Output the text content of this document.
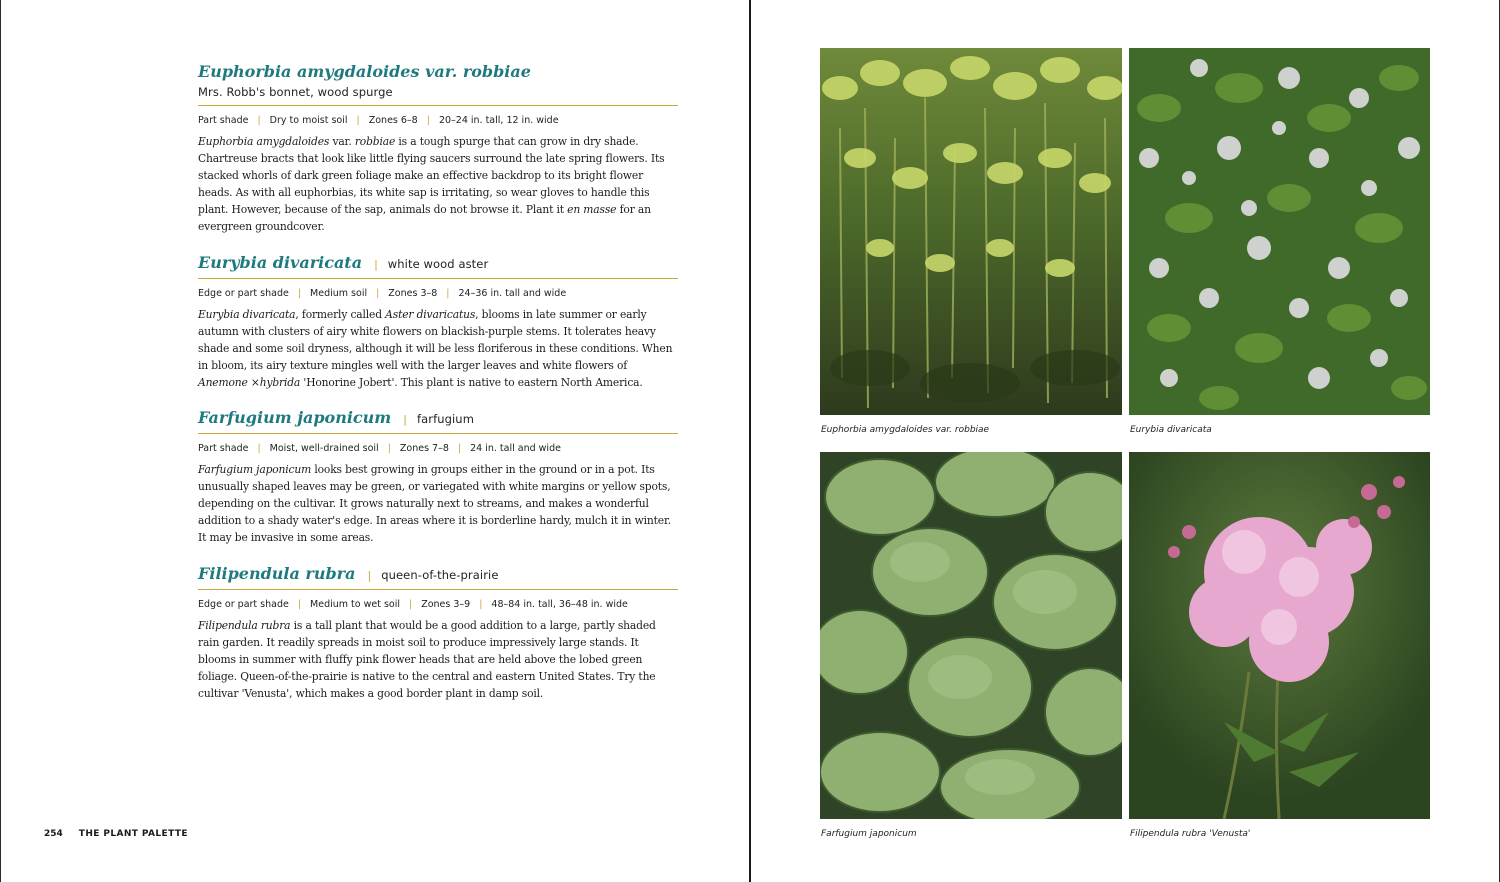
Euphorbia amygdaloides var. robbiae
Mrs. Robb's bonnet, wood spurge
Part shade | Dry to moist soil | Zones 6–8 | 20–24 in. tall, 12 in. wide

Euphorbia amygdaloides var. robbiae is a tough spurge that can grow in dry shade. Chartreuse bracts that look like little flying saucers surround the late spring flowers. Its stacked whorls of dark green foliage make an effective backdrop to its bright flower heads. As with all euphorbias, its white sap is irritating, so wear gloves to handle this plant. However, because of the sap, animals do not browse it. Plant it en masse for an evergreen groundcover.

Eurybia divaricata | white wood aster
Edge or part shade | Medium soil | Zones 3–8 | 24–36 in. tall and wide

Eurybia divaricata, formerly called Aster divaricatus, blooms in late summer or early autumn with clusters of airy white flowers on blackish-purple stems. It tolerates heavy shade and some soil dryness, although it will be less floriferous in these conditions. When in bloom, its airy texture mingles well with the larger leaves and white flowers of Anemone ×hybrida 'Honorine Jobert'. This plant is native to eastern North America.

Farfugium japonicum | farfugium
Part shade | Moist, well-drained soil | Zones 7–8 | 24 in. tall and wide

Farfugium japonicum looks best growing in groups either in the ground or in a pot. Its unusually shaped leaves may be green, or variegated with white margins or yellow spots, depending on the cultivar. It grows naturally next to streams, and makes a wonderful addition to a shady water's edge. In areas where it is borderline hardy, mulch it in winter. It may be invasive in some areas.

Filipendula rubra | queen-of-the-prairie
Edge or part shade | Medium to wet soil | Zones 3–9 | 48–84 in. tall, 36–48 in. wide

Filipendula rubra is a tall plant that would be a good addition to a large, partly shaded rain garden. It readily spreads in moist soil to produce impressively large stands. It blooms in summer with fluffy pink flower heads that are held above the lobed green foliage. Queen-of-the-prairie is native to the central and eastern United States. Try the cultivar 'Venusta', which makes a good border plant in damp soil.

254 THE PLANT PALETTE
Euphorbia amygdaloides var. robbiae	Eurybia divaricata
Farfugium japonicum	Filipendula rubra 'Venusta'
